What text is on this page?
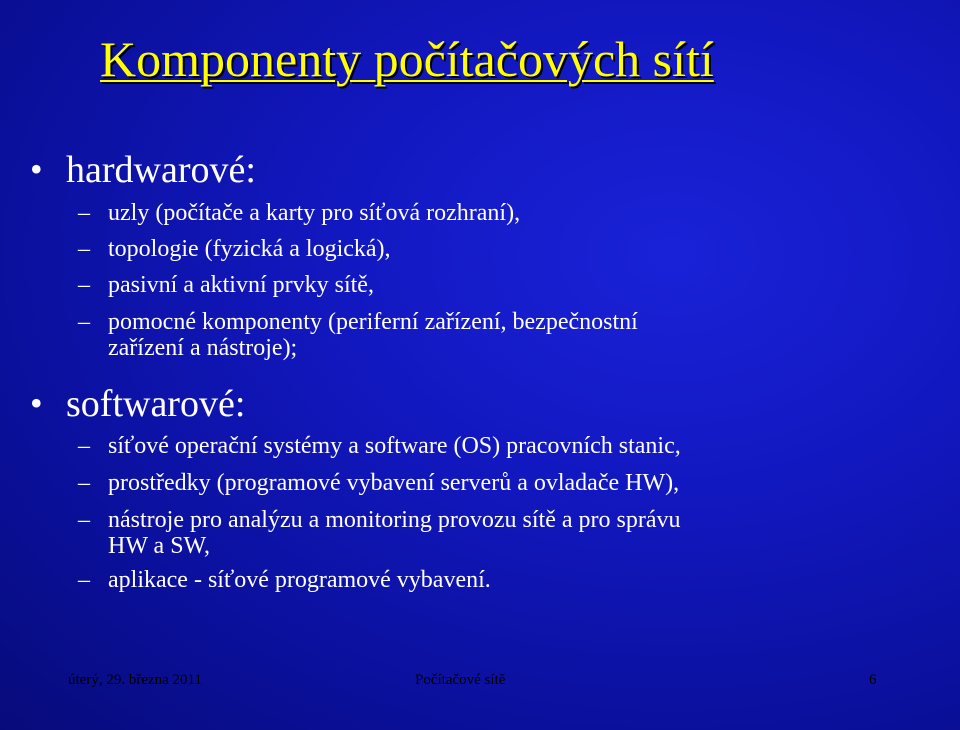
Komponenty počítačových sítí
• hardwarové:
– uzly (počítače a karty pro síťová rozhraní),
– topologie (fyzická a logická),
– pasivní a aktivní prvky sítě,
– pomocné komponenty (periferní zařízení, bezpečnostní
zařízení a nástroje);
• softwarové:
– síťové operační systémy a software (OS) pracovních stanic,
– prostředky (programové vybavení serverů a ovladače HW),
– nástroje pro analýzu a monitoring provozu sítě a pro správu
HW a SW,
– aplikace - síťové programové vybavení.
úterý, 29. března 2011	Počítačové sítě	6
